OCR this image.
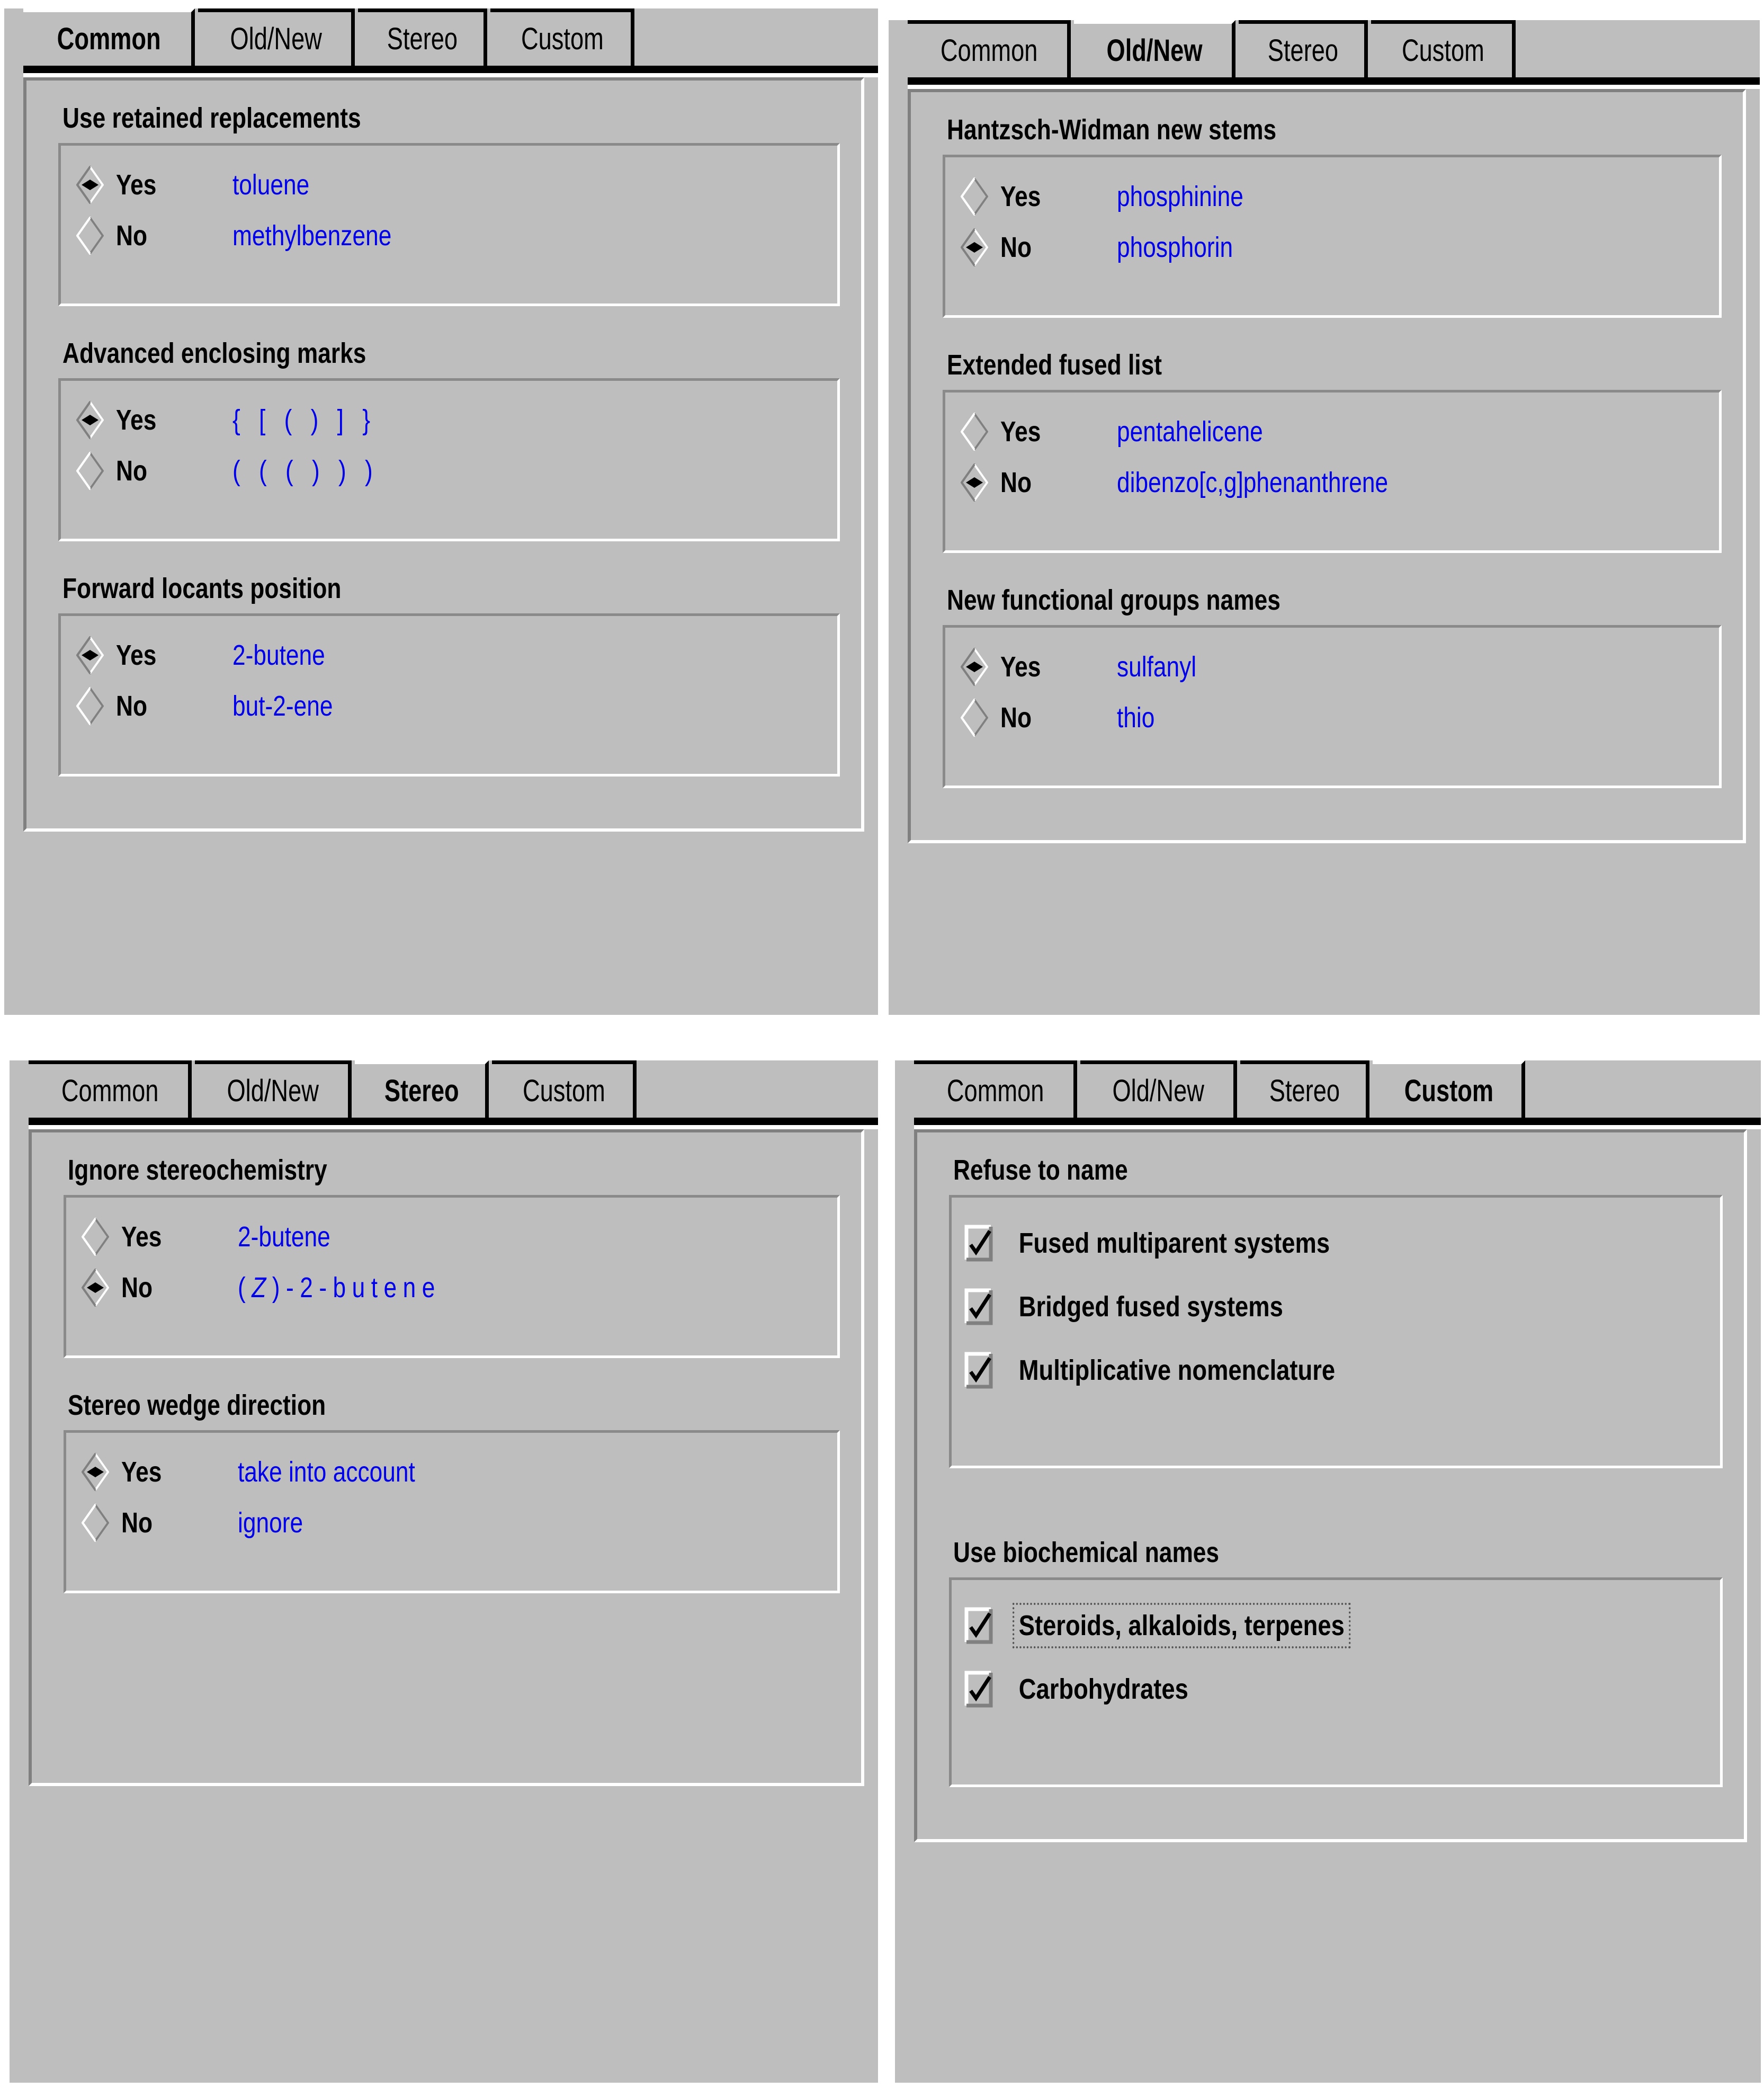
Common Old/New Stereo Custom
Use retained replacements
Yes	toluene
No	methylbenzene
Advanced enclosing marks
Yes	{ [ ( ) ] }
No	( ( ( ) ) )
Forward locants position
Yes	2-butene
No	but-2-ene
Common Old/New Stereo Custom
Hantzsch-Widman new stems
Yes	phosphinine
No	phosphorin
Extended fused list
Yes	pentahelicene
No	dibenzo[c,g]phenanthrene
New functional groups names
Yes	sulfanyl
No	thio
Common Old/New Stereo Custom
Ignore stereochemistry
Yes	2-butene
No	(Z)-2-butene
Stereo wedge direction
Yes	take into account
No	ignore
Common Old/New Stereo Custom
Refuse to name
Fused multiparent systems
Bridged fused systems
Multiplicative nomenclature
Use biochemical names
Steroids, alkaloids, terpenes
Carbohydrates
